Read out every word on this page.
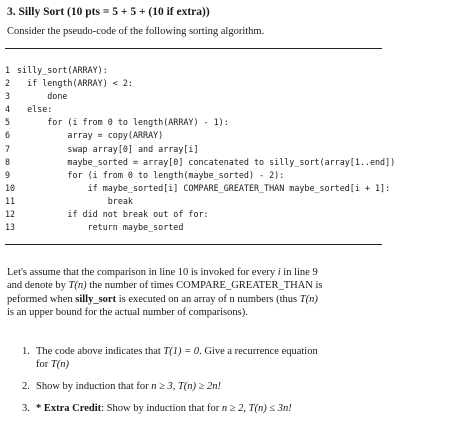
3. Silly Sort (10 pts = 5 + 5 + (10 if extra))
Consider the pseudo-code of the following sorting algorithm.
1 silly_sort(ARRAY):
2 if length(ARRAY) < 2:
3 done
4 else:
5 for (i from 0 to length(ARRAY) - 1):
6 array = copy(ARRAY)
7 swap array[0] and array[i]
8 maybe_sorted = array[0] concatenated to silly_sort(array[1..end])
9 for (i from 0 to length(maybe_sorted) - 2):
10 if maybe_sorted[i] COMPARE_GREATER_THAN maybe_sorted[i + 1]:
11 break
12 if did not break out of for:
13 return maybe_sorted
Let's assume that the comparison in line 10 is invoked for every i in line 9
and denote by T(n) the number of times COMPARE_GREATER_THAN is
peformed when silly_sort is executed on an array of n numbers (thus T(n)
is an upper bound for the actual number of comparisons).
1. The code above indicates that T(1) = 0. Give a recurrence equation
for T(n)
2. Show by induction that for n ≥ 3, T(n) ≥ 2n!
3. * Extra Credit: Show by induction that for n ≥ 2, T(n) ≤ 3n!
